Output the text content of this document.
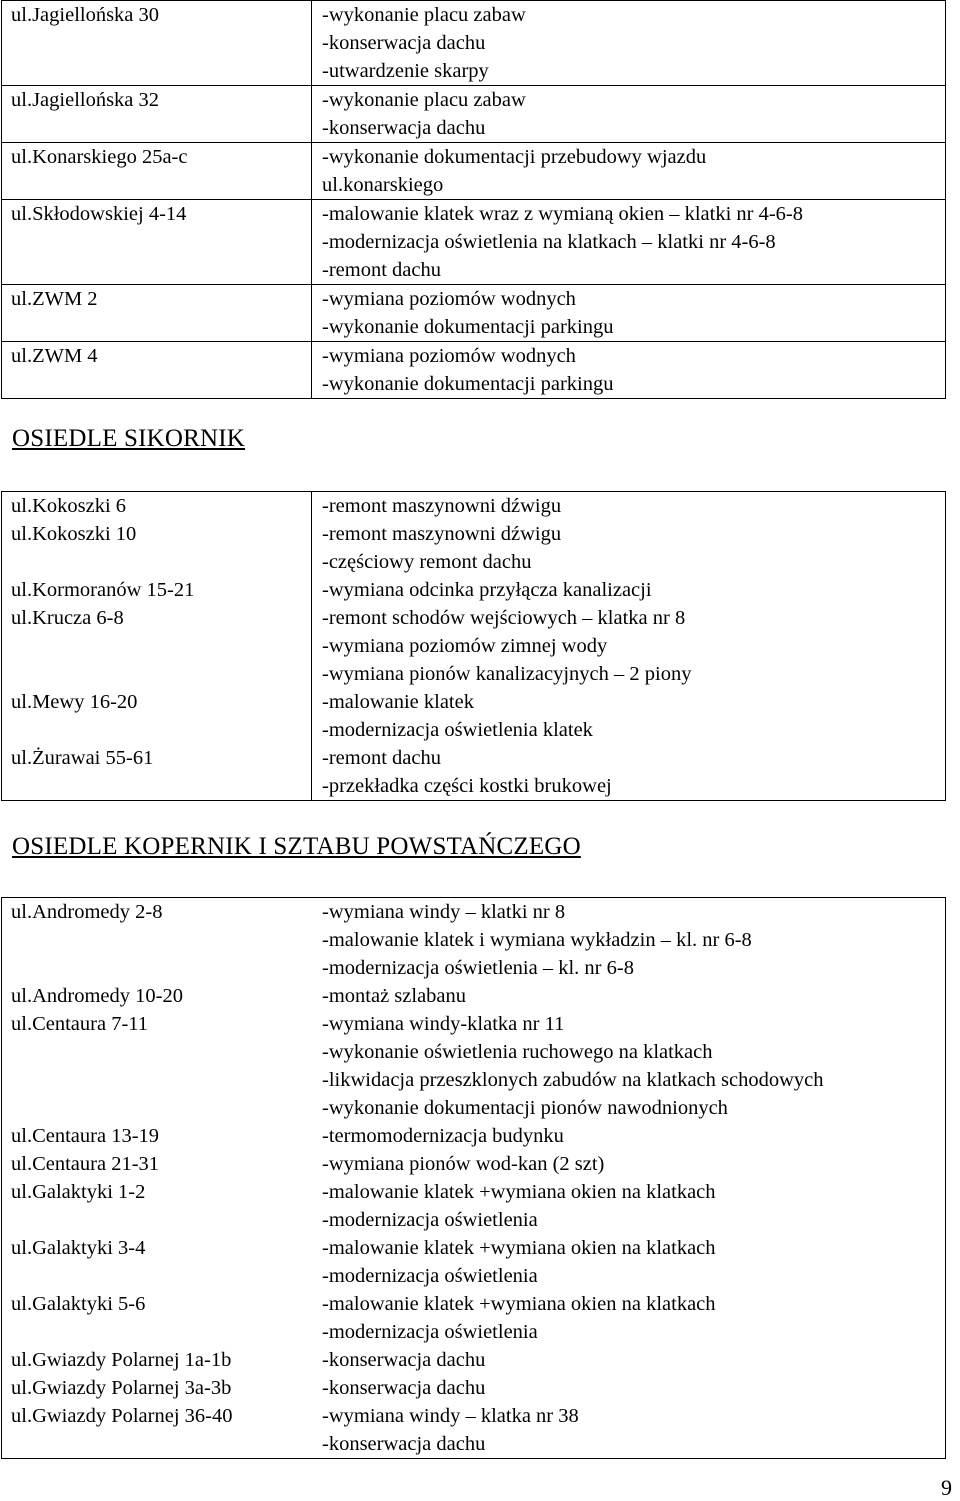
ul.Jagiellońska 30	-wykonanie placu zabaw
-konserwacja dachu
-utwardzenie skarpy
ul.Jagiellońska 32	-wykonanie placu zabaw
-konserwacja dachu
ul.Konarskiego 25a-c	-wykonanie dokumentacji przebudowy wjazdu
ul.konarskiego
ul.Skłodowskiej 4-14	-malowanie klatek wraz z wymianą okien – klatki nr 4-6-8
-modernizacja oświetlenia na klatkach – klatki nr 4-6-8
-remont dachu
ul.ZWM 2	-wymiana poziomów wodnych
-wykonanie dokumentacji parkingu
ul.ZWM 4	-wymiana poziomów wodnych
-wykonanie dokumentacji parkingu
OSIEDLE SIKORNIK
ul.Kokoszki 6	-remont maszynowni dźwigu
ul.Kokoszki 10	-remont maszynowni dźwigu
-częściowy remont dachu
ul.Kormoranów 15-21	-wymiana odcinka przyłącza kanalizacji
ul.Krucza 6-8	-remont schodów wejściowych – klatka nr 8
-wymiana poziomów zimnej wody
-wymiana pionów kanalizacyjnych – 2 piony
ul.Mewy 16-20	-malowanie klatek
-modernizacja oświetlenia klatek
ul.Żurawai 55-61	-remont dachu
-przekładka części kostki brukowej
OSIEDLE KOPERNIK I SZTABU POWSTAŃCZEGO
ul.Andromedy 2-8	-wymiana windy – klatki nr 8
-malowanie klatek i wymiana wykładzin – kl. nr 6-8
-modernizacja oświetlenia – kl. nr 6-8
ul.Andromedy 10-20	-montaż szlabanu
ul.Centaura 7-11	-wymiana windy-klatka nr 11
-wykonanie oświetlenia ruchowego na klatkach
-likwidacja przeszklonych zabudów na klatkach schodowych
-wykonanie dokumentacji pionów nawodnionych
ul.Centaura 13-19	-termomodernizacja budynku
ul.Centaura 21-31	-wymiana pionów wod-kan (2 szt)
ul.Galaktyki 1-2	-malowanie klatek +wymiana okien na klatkach
-modernizacja oświetlenia
ul.Galaktyki 3-4	-malowanie klatek +wymiana okien na klatkach
-modernizacja oświetlenia
ul.Galaktyki 5-6	-malowanie klatek +wymiana okien na klatkach
-modernizacja oświetlenia
ul.Gwiazdy Polarnej 1a-1b	-konserwacja dachu
ul.Gwiazdy Polarnej 3a-3b	-konserwacja dachu
ul.Gwiazdy Polarnej 36-40	-wymiana windy – klatka nr 38
-konserwacja dachu
9
